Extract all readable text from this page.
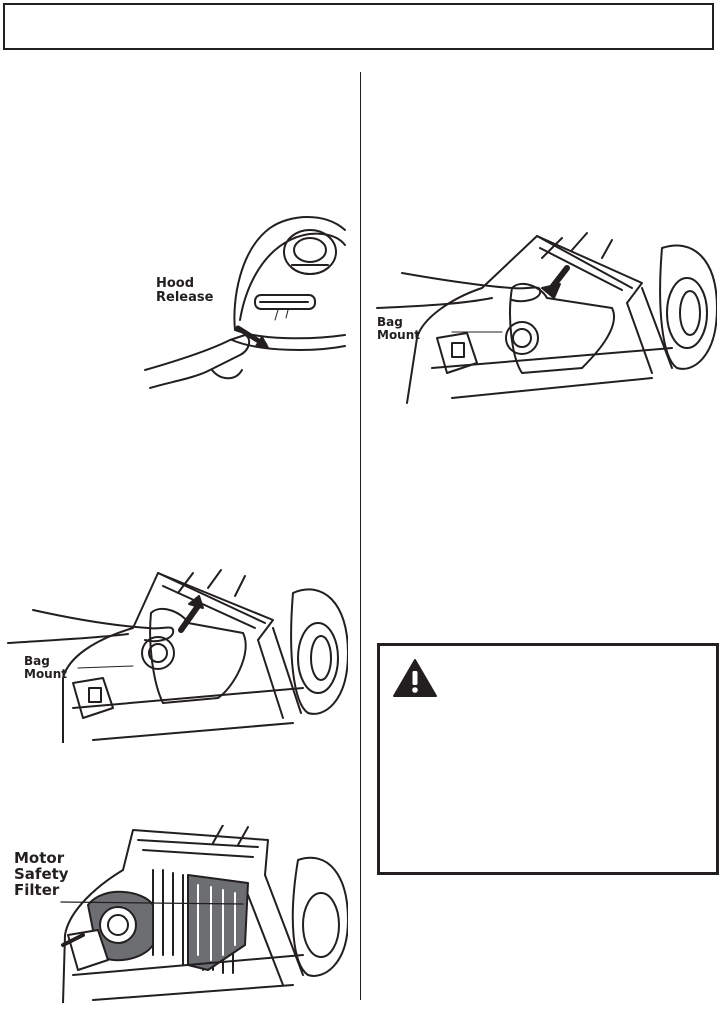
Hood
Release
Bag
Mount
Bag
Mount
Motor
Safety
Filter
